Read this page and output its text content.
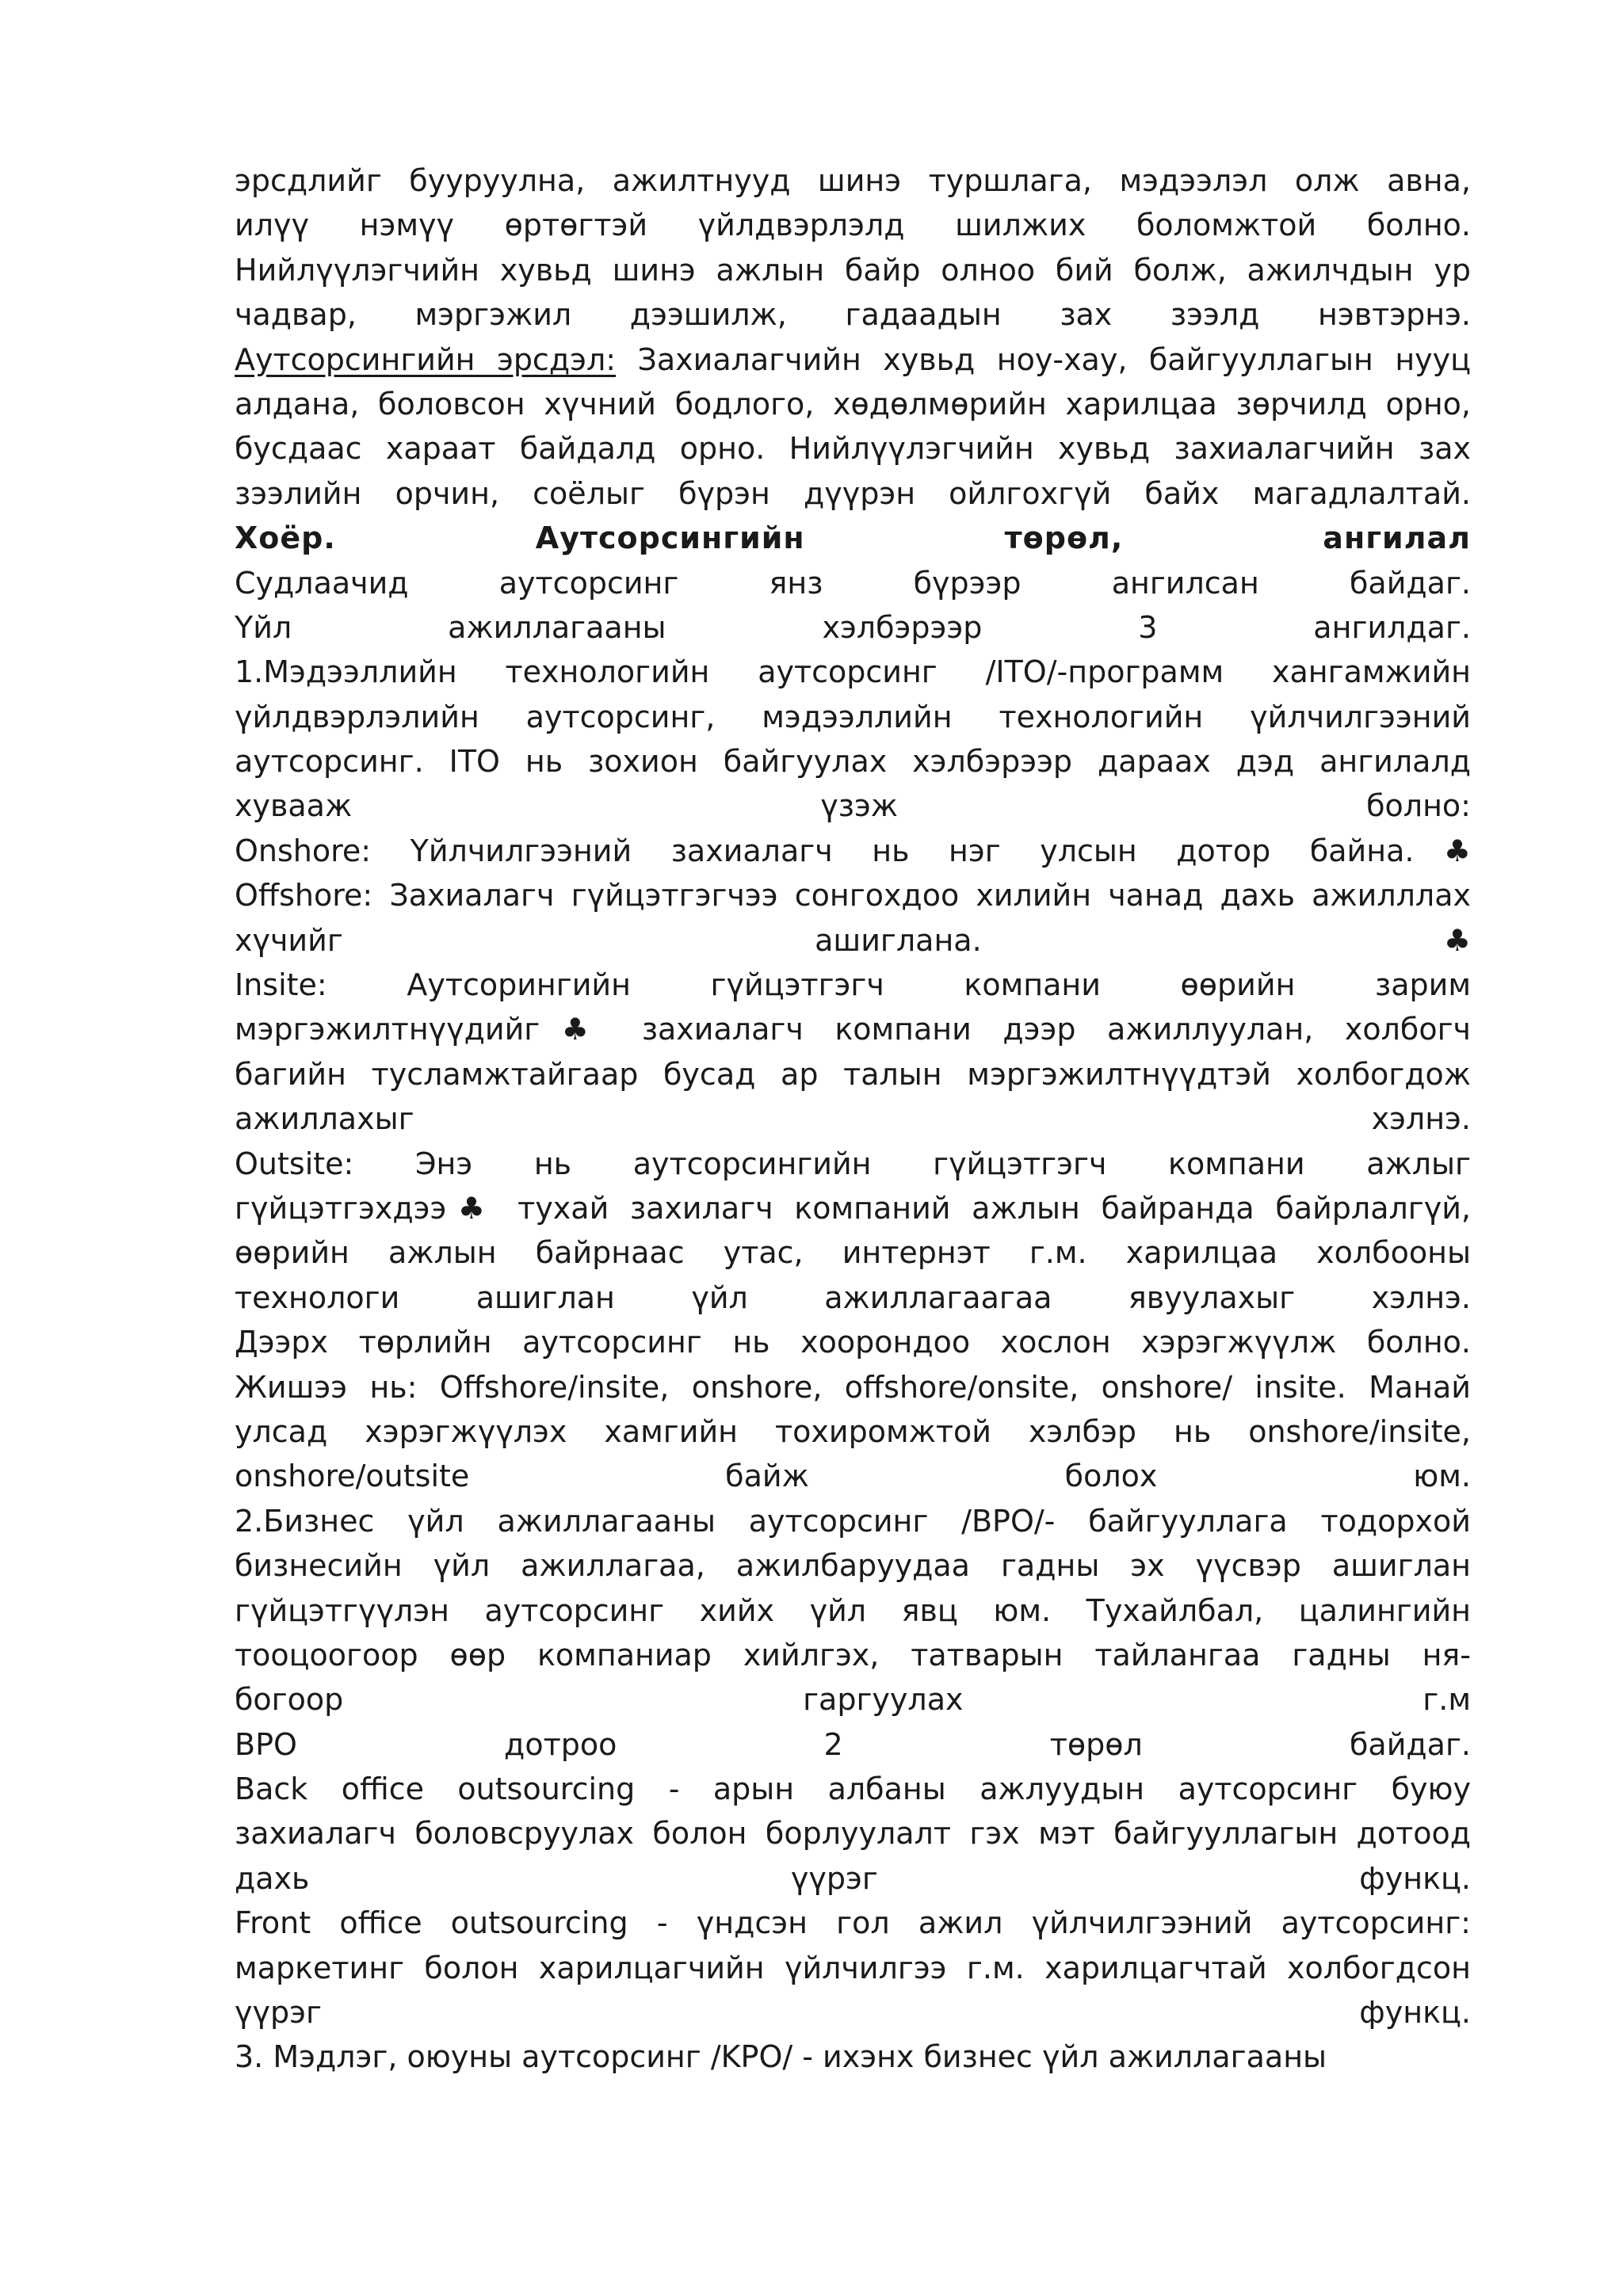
эрсдлийг бууруулна, ажилтнууд шинэ туршлага, мэдээлэл олж авна,
илүү нэмүү өртөгтэй үйлдвэрлэлд шилжих боломжтой болно.
Нийлүүлэгчийн хувьд шинэ ажлын байр олноо бий болж, ажилчдын ур
чадвар, мэргэжил дээшилж, гадаадын зах зээлд нэвтэрнэ.
Аутсорсингийн эрсдэл: Захиалагчийн хувьд ноу-хау, байгууллагын нууц
алдана, боловсон хүчний бодлого, хөдөлмөрийн харилцаа зөрчилд орно,
бусдаас хараат байдалд орно. Нийлүүлэгчийн хувьд захиалагчийн зах
зээлийн орчин, соёлыг бүрэн дүүрэн ойлгохгүй байх магадлалтай.
Хоёр. Аутсорсингийн төрөл, ангилал
Судлаачид аутсорсинг янз бүрээр ангилсан байдаг.
Үйл ажиллагааны хэлбэрээр 3 ангилдаг.
1.Мэдээллийн технологийн аутсорсинг /ITO/-программ хангамжийн
үйлдвэрлэлийн аутсорсинг, мэдээллийн технологийн үйлчилгээний
аутсорсинг. ITO нь зохион байгуулах хэлбэрээр дараах дэд ангилалд
хувааж үзэж болно:
Onshore: Үйлчилгээний захиалагч нь нэг улсын дотор байна.♣
Offshore: Захиалагч гүйцэтгэгчээ сонгохдоо хилийн чанад дахь ажилллах
хүчийг ашиглана.♣
Insite: Аутсорингийн гүйцэтгэгч компани өөрийн зарим
мэргэжилтнүүдийг♣ захиалагч компани дээр ажиллуулан, холбогч
багийн тусламжтайгаар бусад ар талын мэргэжилтнүүдтэй холбогдож
ажиллахыг хэлнэ.
Outsite: Энэ нь аутсорсингийн гүйцэтгэгч компани ажлыг
гүйцэтгэхдээ♣ тухай захилагч компаний ажлын байранда байрлалгүй,
өөрийн ажлын байрнаас утас, интернэт г.м. харилцаа холбооны
технологи ашиглан үйл ажиллагаагаа явуулахыг хэлнэ.
Дээрх төрлийн аутсорсинг нь хоорондоо хослон хэрэгжүүлж болно.
Жишээ нь: Offshore/insite, onshore, offshore/onsite, onshore/ insite. Манай
улсад хэрэгжүүлэх хамгийн тохиромжтой хэлбэр нь onshore/insite,
onshore/outsite байж болох юм.
2.Бизнес үйл ажиллагааны аутсорсинг /BPO/- байгууллага тодорхой
бизнесийн үйл ажиллагаа, ажилбаруудаа гадны эх үүсвэр ашиглан
гүйцэтгүүлэн аутсорсинг хийх үйл явц юм. Тухайлбал, цалингийн
тооцоогоор өөр компаниар хийлгэх, татварын тайлангаа гадны ня-
богоор гаргуулах г.м
BPO дотроо 2 төрөл байдаг.
Back office outsourcing - арын албаны ажлуудын аутсорсинг буюу
захиалагч боловсруулах болон борлуулалт гэх мэт байгууллагын дотоод
дахь үүрэг функц.
Front office outsourcing - үндсэн гол ажил үйлчилгээний аутсорсинг:
маркетинг болон харилцагчийн үйлчилгээ г.м. харилцагчтай холбогдсон
үүрэг функц.
3. Мэдлэг, оюуны аутсорсинг /KPO/ - ихэнх бизнес үйл ажиллагааны
